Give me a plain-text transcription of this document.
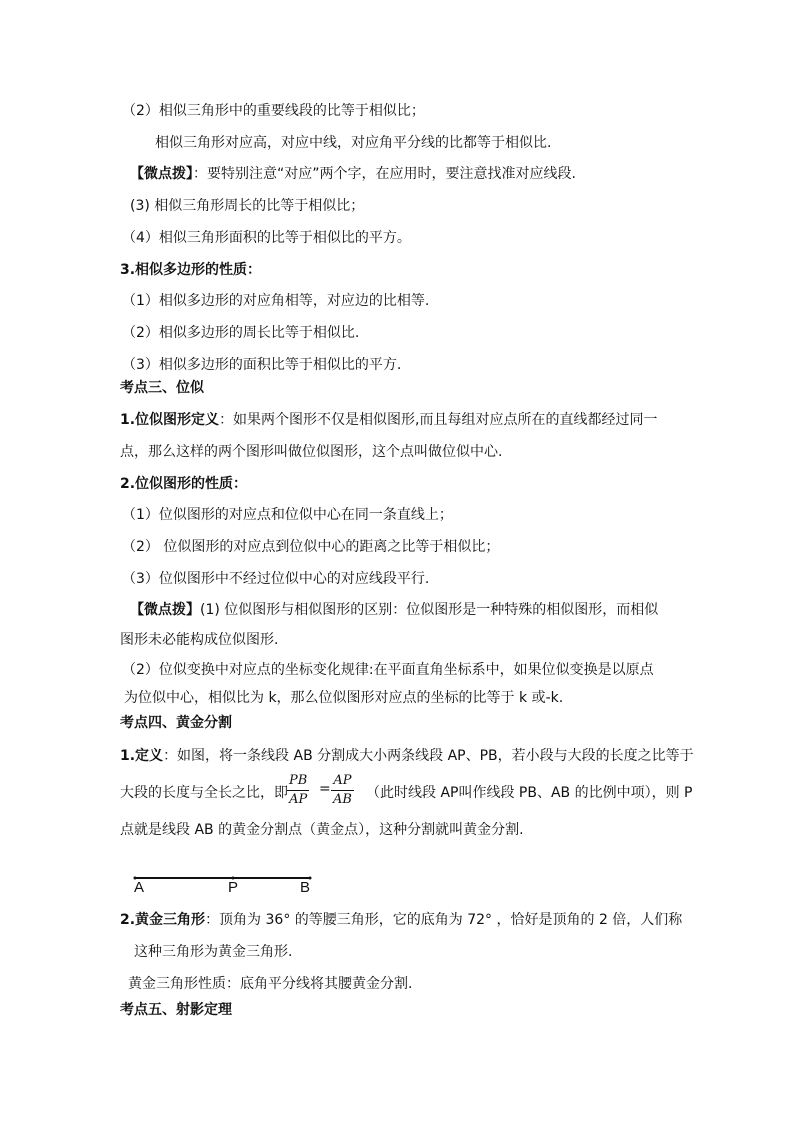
（2）相似三角形中的重要线段的比等于相似比；
相似三角形对应高，对应中线，对应角平分线的比都等于相似比.
【微点拨】：要特别注意“对应”两个字，在应用时，要注意找准对应线段.
(3) 相似三角形周长的比等于相似比；
（4）相似三角形面积的比等于相似比的平方。
3.相似多边形的性质：
（1）相似多边形的对应角相等，对应边的比相等.
（2）相似多边形的周长比等于相似比.
（3）相似多边形的面积比等于相似比的平方.
考点三、位似
1.位似图形定义：如果两个图形不仅是相似图形,而且每组对应点所在的直线都经过同一
点，那么这样的两个图形叫做位似图形，这个点叫做位似中心.
2.位似图形的性质：
（1）位似图形的对应点和位似中心在同一条直线上；
（2） 位似图形的对应点到位似中心的距离之比等于相似比；
（3）位似图形中不经过位似中心的对应线段平行.
【微点拨】(1) 位似图形与相似图形的区别：位似图形是一种特殊的相似图形，而相似
图形未必能构成位似图形.
（2）位似变换中对应点的坐标变化规律:在平面直角坐标系中，如果位似变换是以原点
为位似中心，相似比为 k，那么位似图形对应点的坐标的比等于 k 或-k.
考点四、黄金分割
1.定义：如图，将一条线段 AB 分割成大小两条线段 AP、PB，若小段与大段的长度之比等于
大段的长度与全长之比，即 $\frac{PB}{AP} = \frac{AP}{AB}$ （此时线段 AP叫作线段 PB、AB 的比例中项），则 P
点就是线段 AB 的黄金分割点（黄金点），这种分割就叫黄金分割.
A	P	B
2.黄金三角形：顶角为 36° 的等腰三角形，它的底角为 72° ，恰好是顶角的 2 倍，人们称
这种三角形为黄金三角形.
黄金三角形性质：底角平分线将其腰黄金分割.
考点五、射影定理
